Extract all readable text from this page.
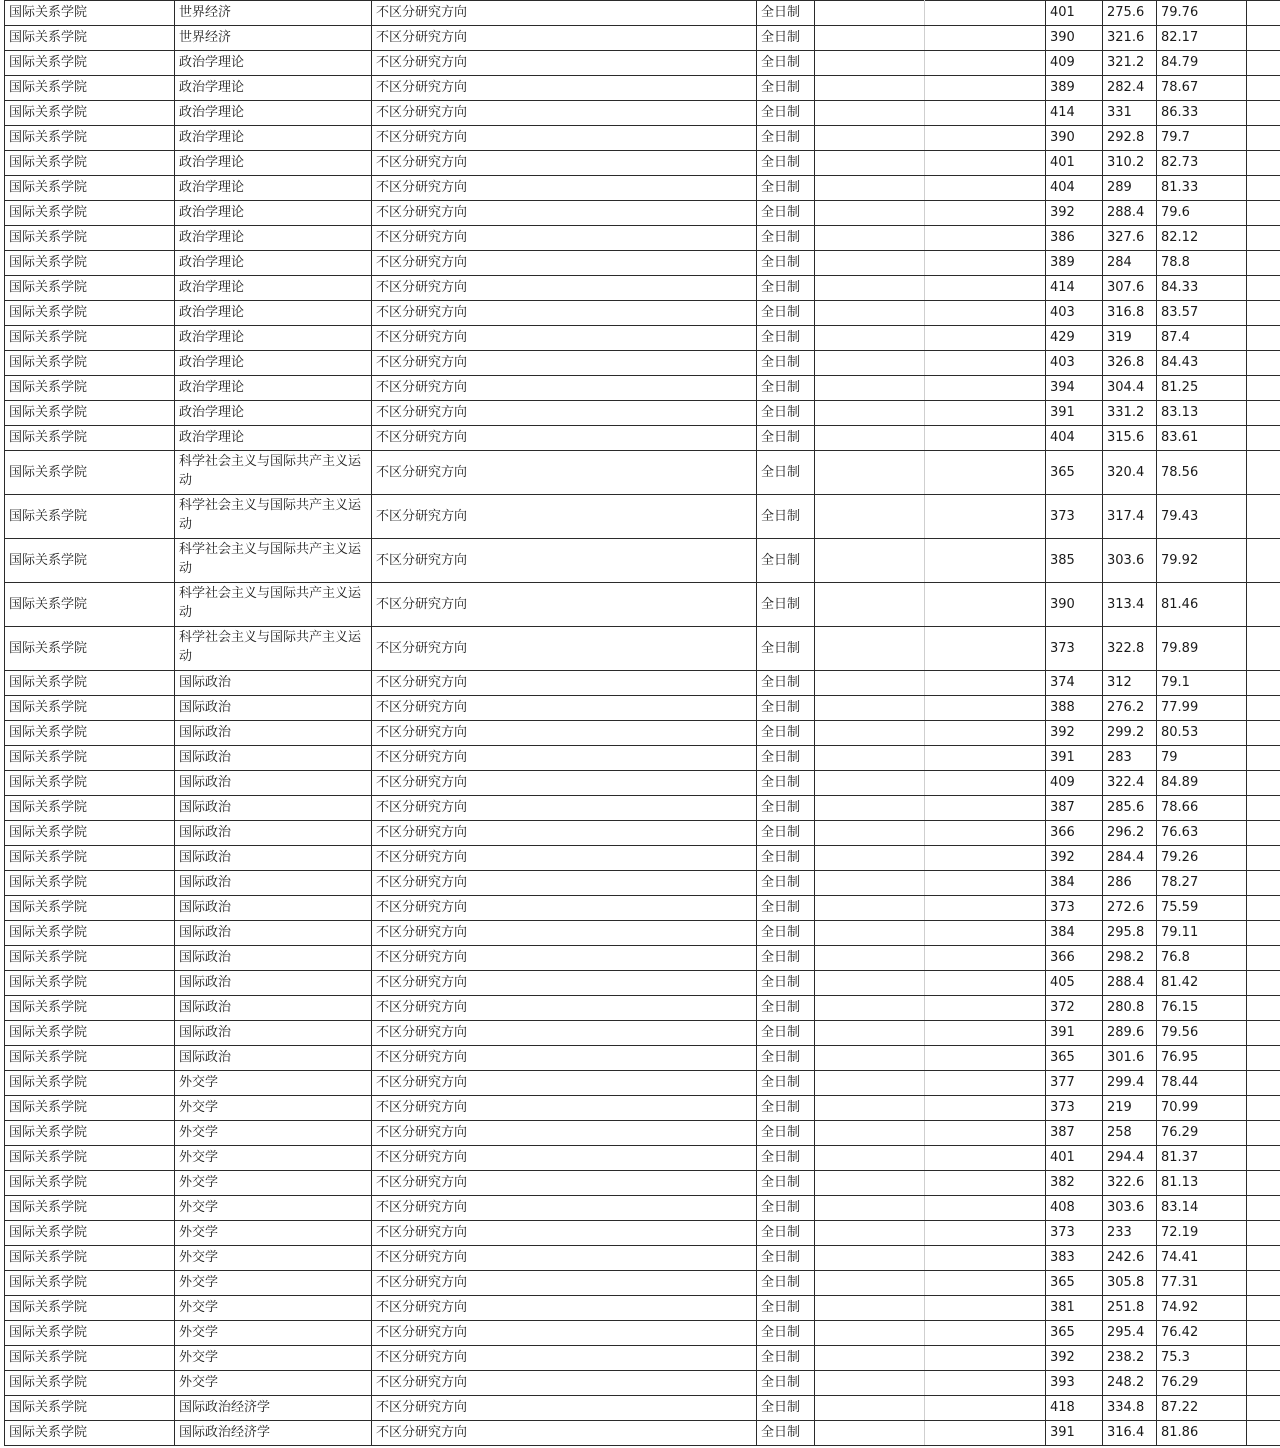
国际关系学院	世界经济	不区分研究方向	全日制			401	275.6	79.76	
国际关系学院	世界经济	不区分研究方向	全日制			390	321.6	82.17	
国际关系学院	政治学理论	不区分研究方向	全日制			409	321.2	84.79	
国际关系学院	政治学理论	不区分研究方向	全日制			389	282.4	78.67	
国际关系学院	政治学理论	不区分研究方向	全日制			414	331	86.33	
国际关系学院	政治学理论	不区分研究方向	全日制			390	292.8	79.7	
国际关系学院	政治学理论	不区分研究方向	全日制			401	310.2	82.73	
国际关系学院	政治学理论	不区分研究方向	全日制			404	289	81.33	
国际关系学院	政治学理论	不区分研究方向	全日制			392	288.4	79.6	
国际关系学院	政治学理论	不区分研究方向	全日制			386	327.6	82.12	
国际关系学院	政治学理论	不区分研究方向	全日制			389	284	78.8	
国际关系学院	政治学理论	不区分研究方向	全日制			414	307.6	84.33	
国际关系学院	政治学理论	不区分研究方向	全日制			403	316.8	83.57	
国际关系学院	政治学理论	不区分研究方向	全日制			429	319	87.4	
国际关系学院	政治学理论	不区分研究方向	全日制			403	326.8	84.43	
国际关系学院	政治学理论	不区分研究方向	全日制			394	304.4	81.25	
国际关系学院	政治学理论	不区分研究方向	全日制			391	331.2	83.13	
国际关系学院	政治学理论	不区分研究方向	全日制			404	315.6	83.61	
国际关系学院	科学社会主义与国际共产主义运动	不区分研究方向	全日制			365	320.4	78.56	
国际关系学院	科学社会主义与国际共产主义运动	不区分研究方向	全日制			373	317.4	79.43	
国际关系学院	科学社会主义与国际共产主义运动	不区分研究方向	全日制			385	303.6	79.92	
国际关系学院	科学社会主义与国际共产主义运动	不区分研究方向	全日制			390	313.4	81.46	
国际关系学院	科学社会主义与国际共产主义运动	不区分研究方向	全日制			373	322.8	79.89	
国际关系学院	国际政治	不区分研究方向	全日制			374	312	79.1	
国际关系学院	国际政治	不区分研究方向	全日制			388	276.2	77.99	
国际关系学院	国际政治	不区分研究方向	全日制			392	299.2	80.53	
国际关系学院	国际政治	不区分研究方向	全日制			391	283	79	
国际关系学院	国际政治	不区分研究方向	全日制			409	322.4	84.89	
国际关系学院	国际政治	不区分研究方向	全日制			387	285.6	78.66	
国际关系学院	国际政治	不区分研究方向	全日制			366	296.2	76.63	
国际关系学院	国际政治	不区分研究方向	全日制			392	284.4	79.26	
国际关系学院	国际政治	不区分研究方向	全日制			384	286	78.27	
国际关系学院	国际政治	不区分研究方向	全日制			373	272.6	75.59	
国际关系学院	国际政治	不区分研究方向	全日制			384	295.8	79.11	
国际关系学院	国际政治	不区分研究方向	全日制			366	298.2	76.8	
国际关系学院	国际政治	不区分研究方向	全日制			405	288.4	81.42	
国际关系学院	国际政治	不区分研究方向	全日制			372	280.8	76.15	
国际关系学院	国际政治	不区分研究方向	全日制			391	289.6	79.56	
国际关系学院	国际政治	不区分研究方向	全日制			365	301.6	76.95	
国际关系学院	外交学	不区分研究方向	全日制			377	299.4	78.44	
国际关系学院	外交学	不区分研究方向	全日制			373	219	70.99	
国际关系学院	外交学	不区分研究方向	全日制			387	258	76.29	
国际关系学院	外交学	不区分研究方向	全日制			401	294.4	81.37	
国际关系学院	外交学	不区分研究方向	全日制			382	322.6	81.13	
国际关系学院	外交学	不区分研究方向	全日制			408	303.6	83.14	
国际关系学院	外交学	不区分研究方向	全日制			373	233	72.19	
国际关系学院	外交学	不区分研究方向	全日制			383	242.6	74.41	
国际关系学院	外交学	不区分研究方向	全日制			365	305.8	77.31	
国际关系学院	外交学	不区分研究方向	全日制			381	251.8	74.92	
国际关系学院	外交学	不区分研究方向	全日制			365	295.4	76.42	
国际关系学院	外交学	不区分研究方向	全日制			392	238.2	75.3	
国际关系学院	外交学	不区分研究方向	全日制			393	248.2	76.29	
国际关系学院	国际政治经济学	不区分研究方向	全日制			418	334.8	87.22	
国际关系学院	国际政治经济学	不区分研究方向	全日制			391	316.4	81.86	
